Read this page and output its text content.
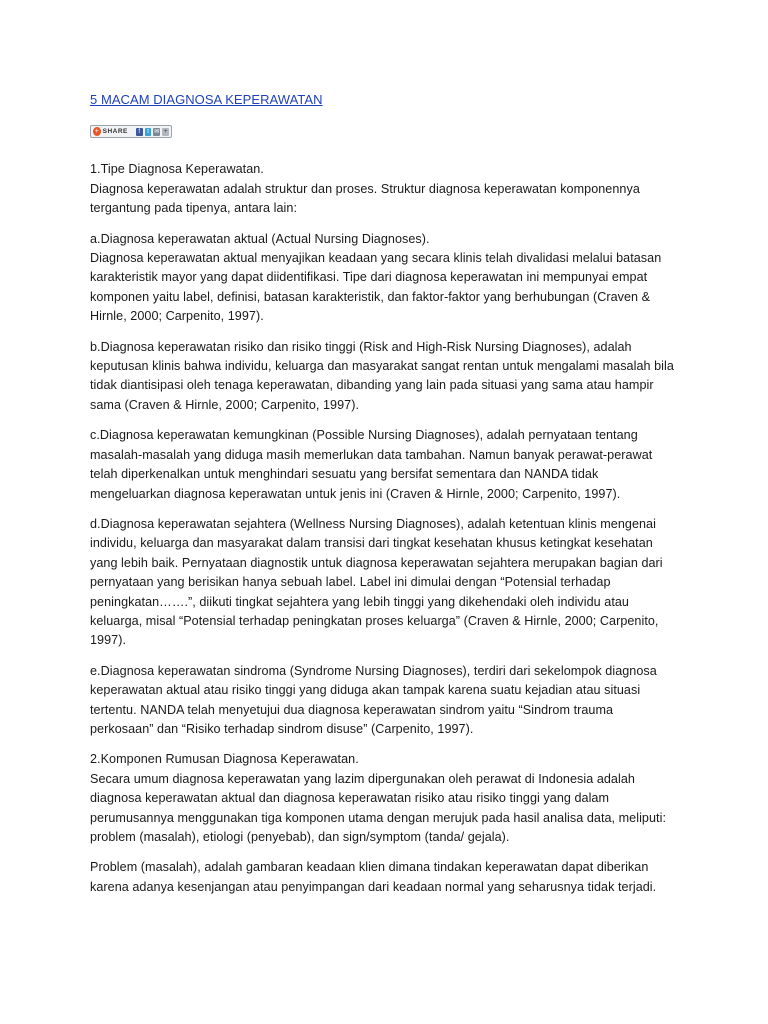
5 MACAM DIAGNOSA KEPERAWATAN
+ SHARE	f	t ✉ +
1.Tipe Diagnosa Keperawatan.
Diagnosa keperawatan adalah struktur dan proses. Struktur diagnosa keperawatan komponennya
tergantung pada tipenya, antara lain:
a.Diagnosa keperawatan aktual (Actual Nursing Diagnoses).
Diagnosa keperawatan aktual menyajikan keadaan yang secara klinis telah divalidasi melalui batasan
karakteristik mayor yang dapat diidentifikasi. Tipe dari diagnosa keperawatan ini mempunyai empat
komponen yaitu label, definisi, batasan karakteristik, dan faktor-faktor yang berhubungan (Craven &
Hirnle, 2000; Carpenito, 1997).
b.Diagnosa keperawatan risiko dan risiko tinggi (Risk and High-Risk Nursing Diagnoses), adalah
keputusan klinis bahwa individu, keluarga dan masyarakat sangat rentan untuk mengalami masalah bila
tidak diantisipasi oleh tenaga keperawatan, dibanding yang lain pada situasi yang sama atau hampir
sama (Craven & Hirnle, 2000; Carpenito, 1997).
c.Diagnosa keperawatan kemungkinan (Possible Nursing Diagnoses), adalah pernyataan tentang
masalah-masalah yang diduga masih memerlukan data tambahan. Namun banyak perawat-perawat
telah diperkenalkan untuk menghindari sesuatu yang bersifat sementara dan NANDA tidak
mengeluarkan diagnosa keperawatan untuk jenis ini (Craven & Hirnle, 2000; Carpenito, 1997).
d.Diagnosa keperawatan sejahtera (Wellness Nursing Diagnoses), adalah ketentuan klinis mengenai
individu, keluarga dan masyarakat dalam transisi dari tingkat kesehatan khusus ketingkat kesehatan
yang lebih baik. Pernyataan diagnostik untuk diagnosa keperawatan sejahtera merupakan bagian dari
pernyataan yang berisikan hanya sebuah label. Label ini dimulai dengan “Potensial terhadap
peningkatan…….”, diikuti tingkat sejahtera yang lebih tinggi yang dikehendaki oleh individu atau
keluarga, misal “Potensial terhadap peningkatan proses keluarga” (Craven & Hirnle, 2000; Carpenito,
1997).
e.Diagnosa keperawatan sindroma (Syndrome Nursing Diagnoses), terdiri dari sekelompok diagnosa
keperawatan aktual atau risiko tinggi yang diduga akan tampak karena suatu kejadian atau situasi
tertentu. NANDA telah menyetujui dua diagnosa keperawatan sindrom yaitu “Sindrom trauma
perkosaan” dan “Risiko terhadap sindrom disuse” (Carpenito, 1997).
2.Komponen Rumusan Diagnosa Keperawatan.
Secara umum diagnosa keperawatan yang lazim dipergunakan oleh perawat di Indonesia adalah
diagnosa keperawatan aktual dan diagnosa keperawatan risiko atau risiko tinggi yang dalam
perumusannya menggunakan tiga komponen utama dengan merujuk pada hasil analisa data, meliputi:
problem (masalah), etiologi (penyebab), dan sign/symptom (tanda/ gejala).
Problem (masalah), adalah gambaran keadaan klien dimana tindakan keperawatan dapat diberikan
karena adanya kesenjangan atau penyimpangan dari keadaan normal yang seharusnya tidak terjadi.
